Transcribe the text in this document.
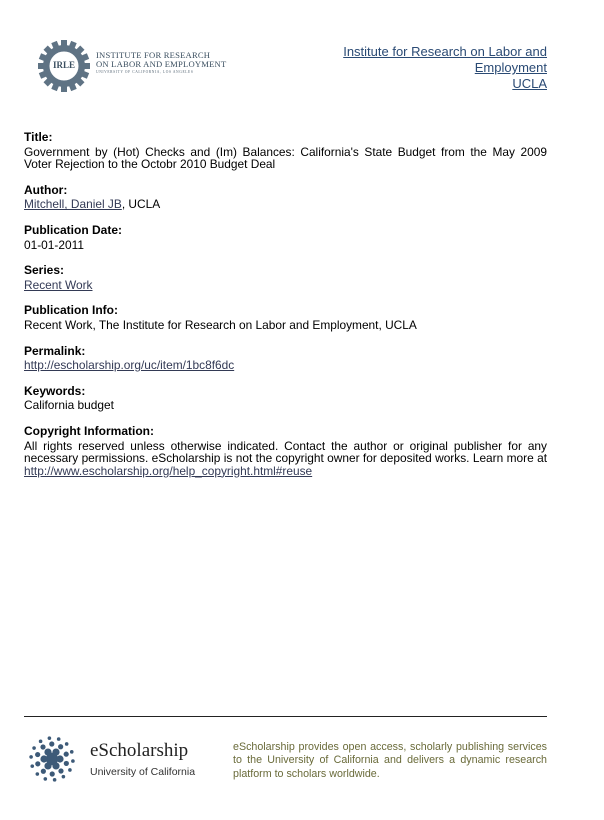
IRLE
INSTITUTE FOR RESEARCH
ON LABOR AND EMPLOYMENT
UNIVERSITY OF CALIFORNIA, LOS ANGELES
Institute for Research on Labor and
Employment
UCLA
Title:
Government by (Hot) Checks and (Im) Balances: California's State Budget from the May 2009 Voter Rejection to the Octobr 2010 Budget Deal
Author:
Mitchell, Daniel JB, UCLA
Publication Date:
01-01-2011
Series:
Recent Work
Publication Info:
Recent Work, The Institute for Research on Labor and Employment, UCLA
Permalink:
http://escholarship.org/uc/item/1bc8f6dc
Keywords:
California budget
Copyright Information:
All rights reserved unless otherwise indicated. Contact the author or original publisher for any necessary permissions. eScholarship is not the copyright owner for deposited works. Learn more at http://www.escholarship.org/help_copyright.html#reuse
eScholarship
University of California
eScholarship provides open access, scholarly publishing services to the University of California and delivers a dynamic research platform to scholars worldwide.
